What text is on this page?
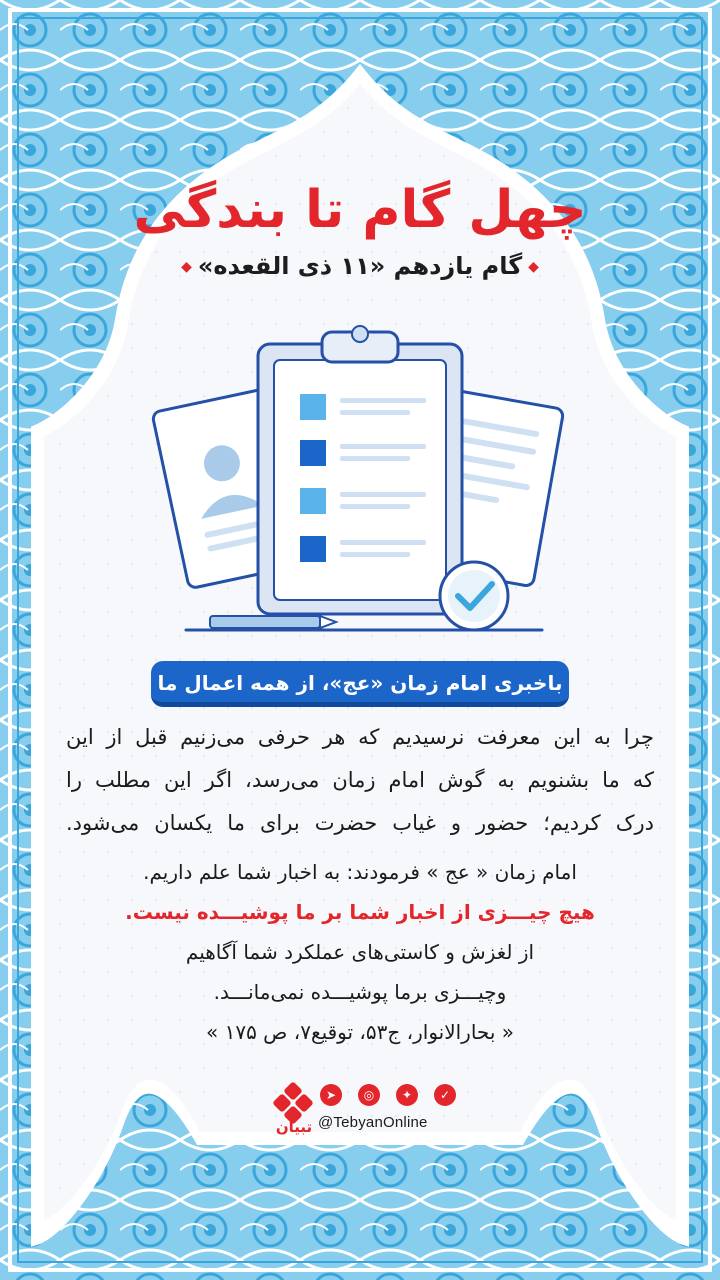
چهل گام تا بندگی
◆گام یازدهم «۱۱ ذی القعده»◆
باخبری امام زمان «عج»، از همه اعمال ما
چرا به این معرفت نرسیدیم که هر حرفی می‌زنیم قبل از این
که ما بشنویم به گوش امام زمان می‌رسد، اگر این مطلب را
درک کردیم؛ حضور و غیاب حضرت برای ما یکسان می‌شود.
امام زمان « عج » فرمودند: به اخبار شما علم داریم.
هیچ چیـــزی از اخبار شما بر ما پوشیـــده نیست.
از لغزش و کاستی‌های عملکرد شما آگاهیم
وچیـــزی برما پوشیـــده نمی‌مانـــد.
« بحارالانوار، ج۵۳، توقیع۷، ص ۱۷۵ »
تبیان
➤	◎	✦	✓
@TebyanOnline
